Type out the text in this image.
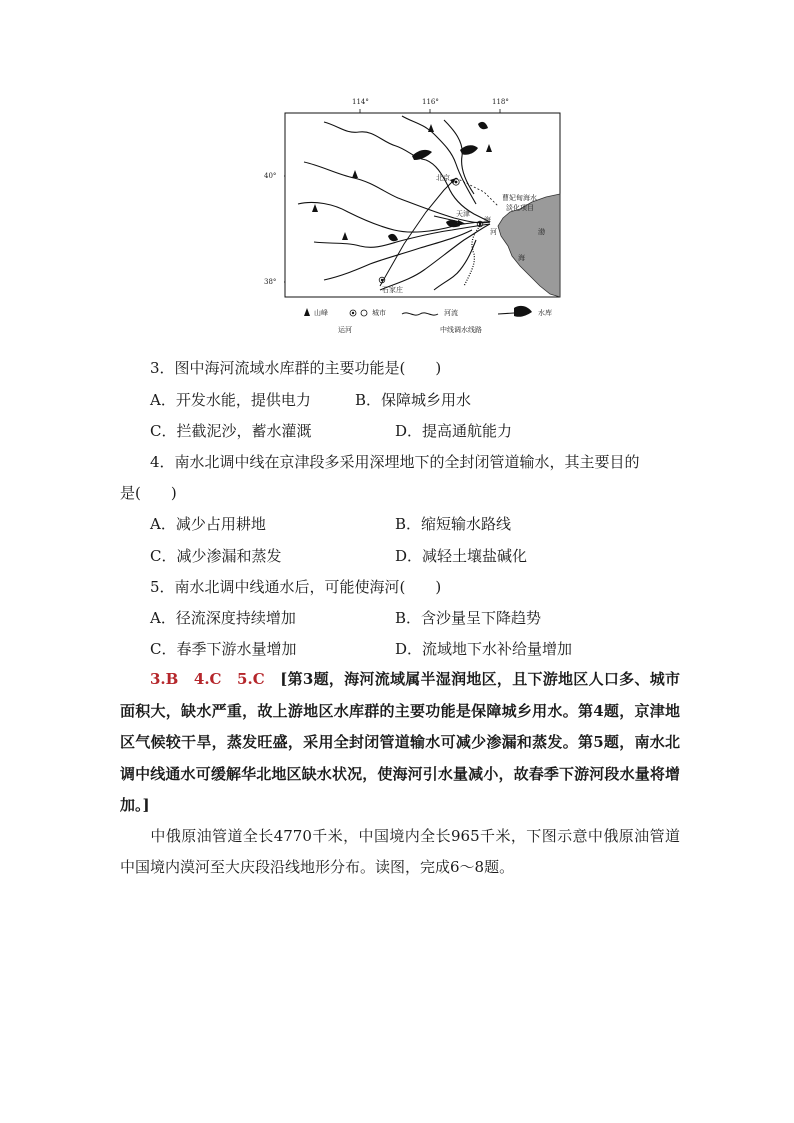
114°	116°	118°
40°
38°
北京
天津
海
河
石家庄
曹妃甸海水
淡化项目
渤
海
山峰	城市	河流	水库
运河	中线调水线路
3．图中海河流域水库群的主要功能是(　　)
A．开发水能，提供电力	B．保障城乡用水
C．拦截泥沙，蓄水灌溉	D．提高通航能力
4．南水北调中线在京津段多采用深埋地下的全封闭管道输水，其主要目的
是(　　)
A．减少占用耕地	B．缩短输水路线
C．减少渗漏和蒸发	D．减轻土壤盐碱化
5．南水北调中线通水后，可能使海河(　　)
A．径流深度持续增加	B．含沙量呈下降趋势
C．春季下游水量增加	D．流域地下水补给量增加
3.B　4.C　5.C　 [第3题，海河流域属半湿润地区，且下游地区人口多、城市面积大，缺水严重，故上游地区水库群的主要功能是保障城乡用水。第4题，京津地区气候较干旱，蒸发旺盛，采用全封闭管道输水可减少渗漏和蒸发。第5题，南水北调中线通水可缓解华北地区缺水状况，使海河引水量减小，故春季下游河段水量将增加。]
中俄原油管道全长4770千米，中国境内全长965千米，下图示意中俄原油管道中国境内漠河至大庆段沿线地形分布。读图，完成6～8题。
